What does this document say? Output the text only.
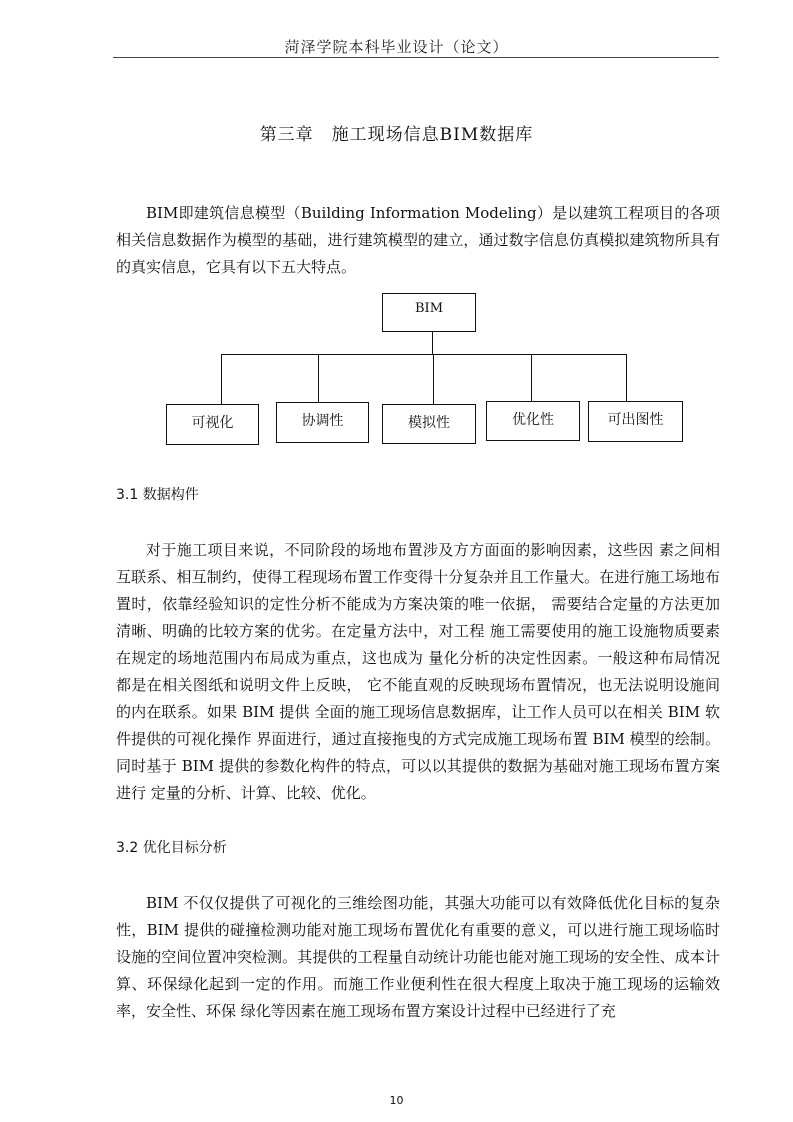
菏泽学院本科毕业设计（论文）
第三章　施工现场信息BIM数据库

BIM即建筑信息模型（Building Information Modeling）是以建筑工程项目的各项相关信息数据作为模型的基础，进行建筑模型的建立，通过数字信息仿真模拟建筑物所具有的真实信息，它具有以下五大特点。

BIM
可视化	协调性	模拟性	优化性	可出图性
3.1 数据构件

对于施工项目来说，不同阶段的场地布置涉及方方面面的影响因素，这些因 素之间相互联系、相互制约，使得工程现场布置工作变得十分复杂并且工作量大。在进行施工场地布置时，依靠经验知识的定性分析不能成为方案决策的唯一依据， 需要结合定量的方法更加清晰、明确的比较方案的优劣。在定量方法中，对工程 施工需要使用的施工设施物质要素在规定的场地范围内布局成为重点，这也成为 量化分析的决定性因素。一般这种布局情况都是在相关图纸和说明文件上反映， 它不能直观的反映现场布置情况，也无法说明设施间的内在联系。如果 BIM 提供 全面的施工现场信息数据库，让工作人员可以在相关 BIM 软件提供的可视化操作 界面进行，通过直接拖曳的方式完成施工现场布置 BIM 模型的绘制。同时基于 BIM 提供的参数化构件的特点，可以以其提供的数据为基础对施工现场布置方案进行 定量的分析、计算、比较、优化。

3.2 优化目标分析

BIM 不仅仅提供了可视化的三维绘图功能，其强大功能可以有效降低优化目标的复杂性，BIM 提供的碰撞检测功能对施工现场布置优化有重要的意义，可以进行施工现场临时设施的空间位置冲突检测。其提供的工程量自动统计功能也能对施工现场的安全性、成本计算、环保绿化起到一定的作用。而施工作业便利性在很大程度上取决于施工现场的运输效率，安全性、环保 绿化等因素在施工现场布置方案设计过程中已经进行了充

10
